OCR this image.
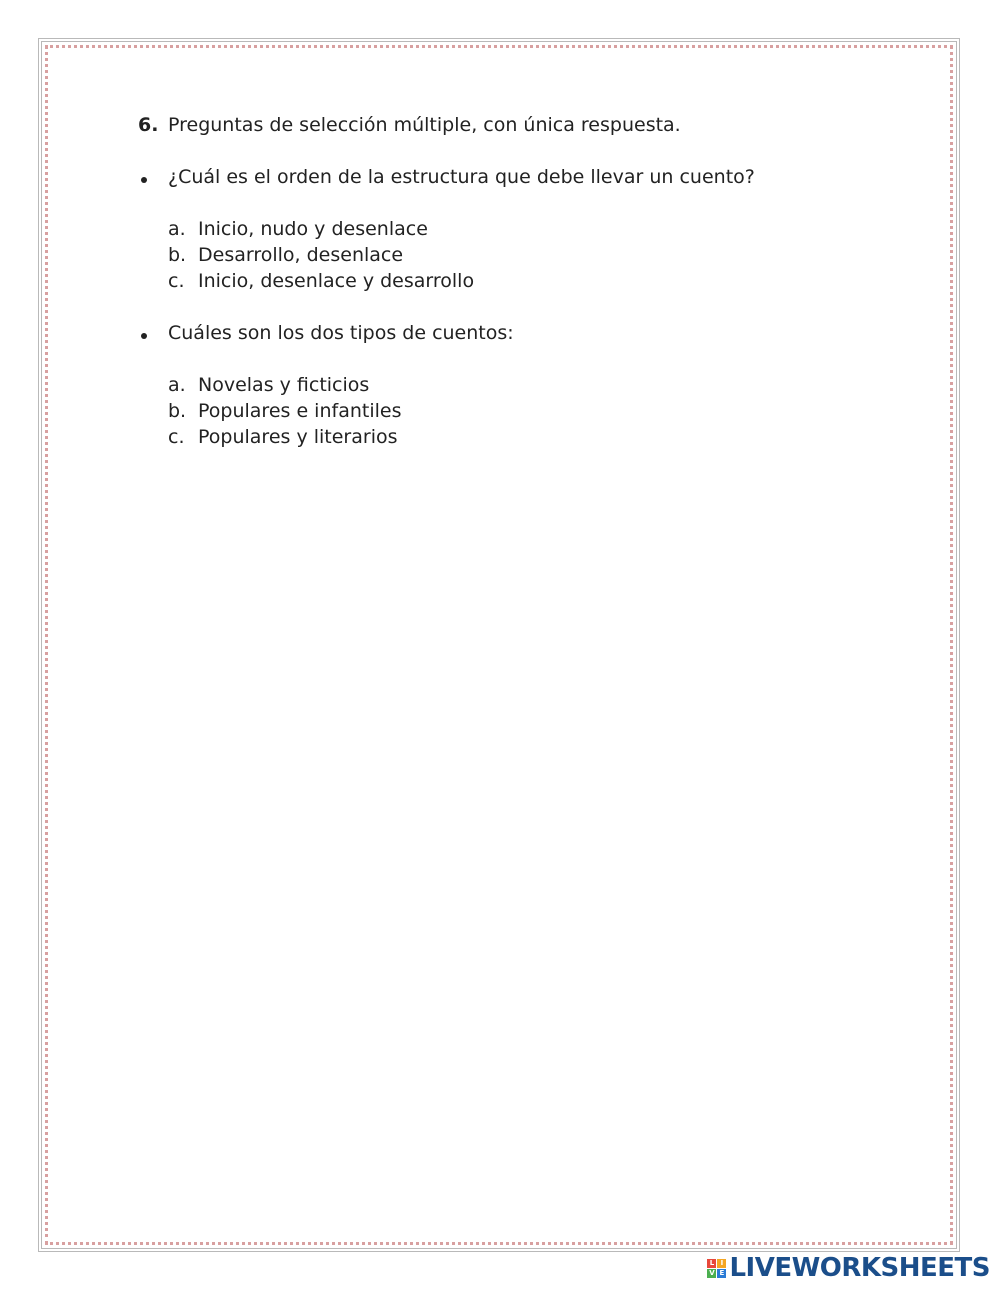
6. Preguntas de selección múltiple, con única respuesta.
¿Cuál es el orden de la estructura que debe llevar un cuento?
a. Inicio, nudo y desenlace
b. Desarrollo, desenlace
c. Inicio, desenlace y desarrollo
Cuáles son los dos tipos de cuentos:
a. Novelas y ficticios
b. Populares e infantiles
c. Populares y literarios
L I
V E LIVEWORKSHEETS
